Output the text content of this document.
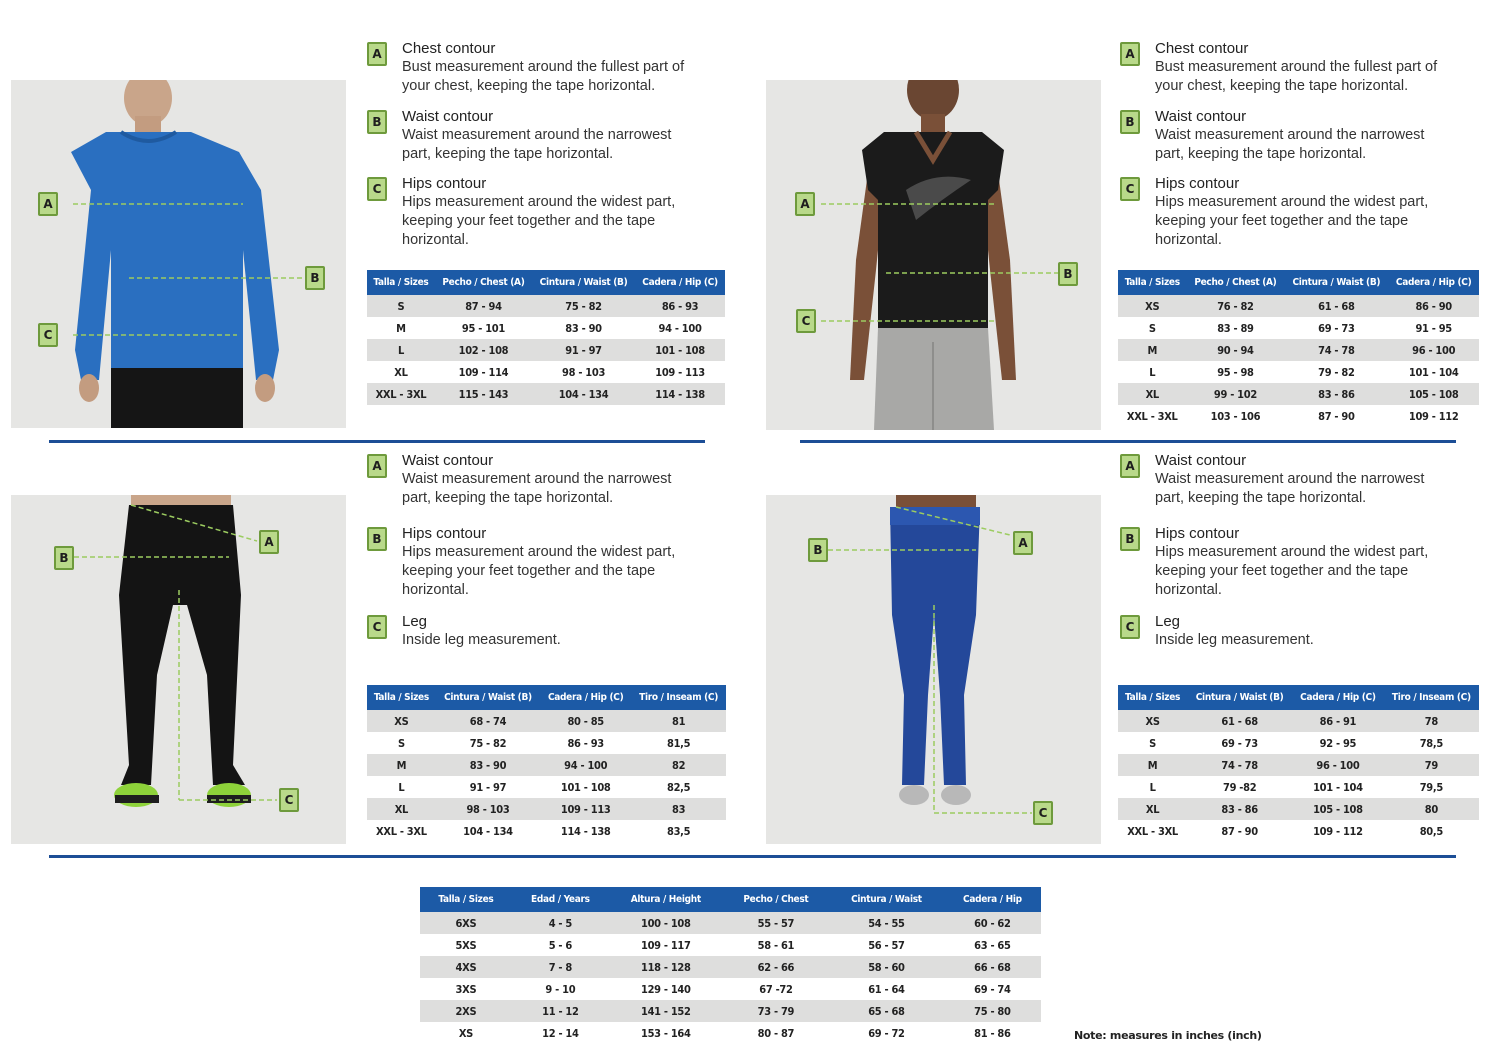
A
B
C
A
B
C
A
B
C
A
B
C
A	Chest contour
Bust measurement around the fullest part of your chest, keeping the tape horizontal.
B	Waist contour
Waist measurement around the narrowest part, keeping the tape horizontal.
C	Hips contour
Hips measurement around the widest part, keeping your feet together and the tape horizontal.
A	Chest contour
Bust measurement around the fullest part of your chest, keeping the tape horizontal.
B	Waist contour
Waist measurement around the narrowest part, keeping the tape horizontal.
C	Hips contour
Hips measurement around the widest part, keeping your feet together and the tape horizontal.
A	Waist contour
Waist measurement around the narrowest part, keeping the tape horizontal.
B	Hips contour
Hips measurement around the widest part, keeping your feet together and the tape horizontal.
C	Leg
Inside leg measurement.
A	Waist contour
Waist measurement around the narrowest part, keeping the tape horizontal.
B	Hips contour
Hips measurement around the widest part, keeping your feet together and the tape horizontal.
C	Leg
Inside leg measurement.
Talla / Sizes	Pecho / Chest (A)	Cintura / Waist (B)	Cadera / Hip (C)
S	87 - 94	75 - 82	86 - 93
M	95 - 101	83 - 90	94 - 100
L	102 - 108	91 - 97	101 - 108
XL	109 - 114	98 - 103	109 - 113
XXL - 3XL	115 - 143	104 - 134	114 - 138
Talla / Sizes	Pecho / Chest (A)	Cintura / Waist (B)	Cadera / Hip (C)
XS	76 - 82	61 - 68	86 - 90
S	83 - 89	69 - 73	91 - 95
M	90 - 94	74 - 78	96 - 100
L	95 - 98	79 - 82	101 - 104
XL	99 - 102	83 - 86	105 - 108
XXL - 3XL	103 - 106	87 - 90	109 - 112
Talla / Sizes	Cintura / Waist (B)	Cadera / Hip (C)	Tiro / Inseam (C)
XS	68 - 74	80 - 85	81
S	75 - 82	86 - 93	81,5
M	83 - 90	94 - 100	82
L	91 - 97	101 - 108	82,5
XL	98 - 103	109 - 113	83
XXL - 3XL	104 - 134	114 - 138	83,5
Talla / Sizes	Cintura / Waist (B)	Cadera / Hip (C)	Tiro / Inseam (C)
XS	61 - 68	86 - 91	78
S	69 - 73	92 - 95	78,5
M	74 - 78	96 - 100	79
L	79 -82	101 - 104	79,5
XL	83 - 86	105 - 108	80
XXL - 3XL	87 - 90	109 - 112	80,5
Talla / Sizes	Edad / Years	Altura / Height	Pecho / Chest	Cintura / Waist	Cadera / Hip
6XS	4 - 5	100 - 108	55 - 57	54 - 55	60 - 62
5XS	5 - 6	109 - 117	58 - 61	56 - 57	63 - 65
4XS	7 - 8	118 - 128	62 - 66	58 - 60	66 - 68
3XS	9 - 10	129 - 140	67 -72	61 - 64	69 - 74
2XS	11 - 12	141 - 152	73 - 79	65 - 68	75 - 80
XS	12 - 14	153 - 164	80 - 87	69 - 72	81 - 86	Note: measures in inches (inch)
